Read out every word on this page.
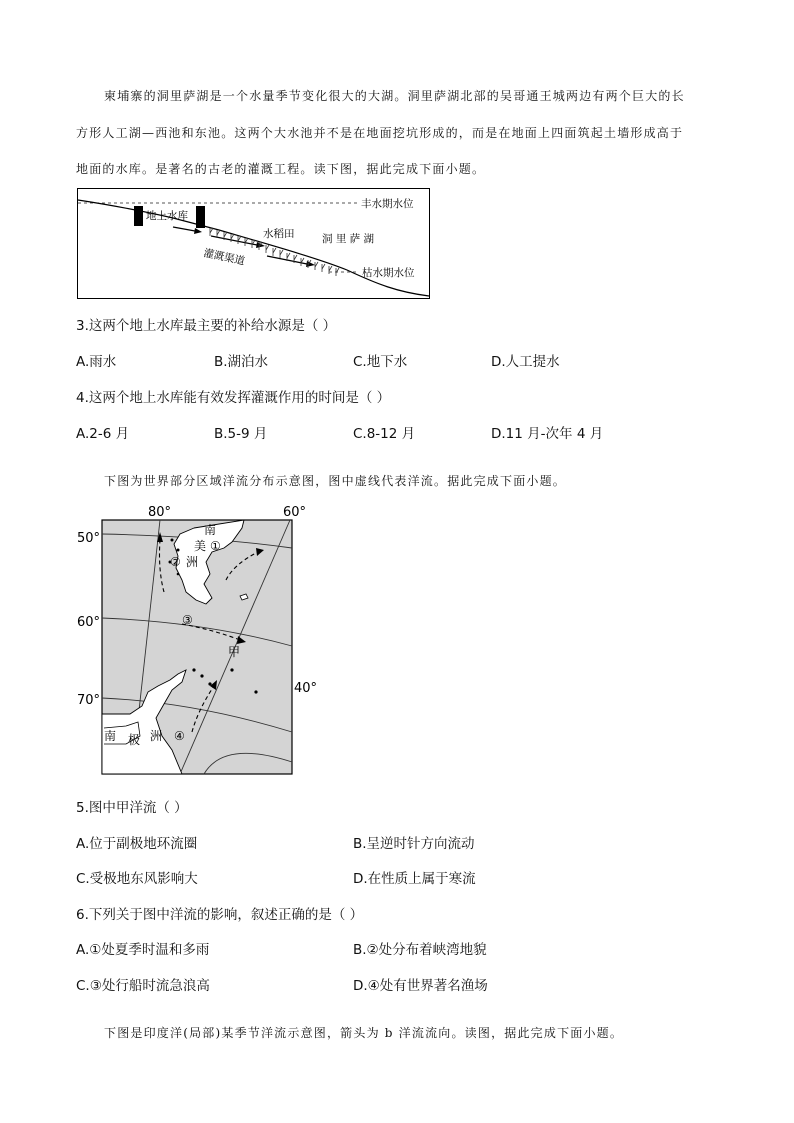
柬埔寨的洞里萨湖是一个水量季节变化很大的大湖。洞里萨湖北部的吴哥通王城两边有两个巨大的长
方形人工湖—西池和东池。这两个大水池并不是在地面挖坑形成的，而是在地面上四面筑起土墙形成高于
地面的水库。是著名的古老的灌溉工程。读下图，据此完成下面小题。
丰水期水位
地上水库
水稻田	洞 里 萨 湖
灌溉渠道
枯水期水位
3.这两个地上水库最主要的补给水源是（ ）
A.雨水	B.湖泊水	C.地下水	D.人工提水
4.这两个地上水库能有效发挥灌溉作用的时间是（ ）
A.2-6 月	B.5-9 月	C.8-12 月	D.11 月-次年 4 月
下图为世界部分区域洋流分布示意图，图中虚线代表洋流。据此完成下面小题。
80°	60°
50°
60°
70°
40°
南
美
洲
①
②
③
甲
④
南 极 洲
5.图中甲洋流（ ）
A.位于副极地环流圈	B.呈逆时针方向流动
C.受极地东风影响大	D.在性质上属于寒流
6.下列关于图中洋流的影响，叙述正确的是（ ）
A.①处夏季时温和多雨	B.②处分布着峡湾地貌
C.③处行船时流急浪高	D.④处有世界著名渔场
下图是印度洋(局部)某季节洋流示意图，箭头为 b 洋流流向。读图，据此完成下面小题。
